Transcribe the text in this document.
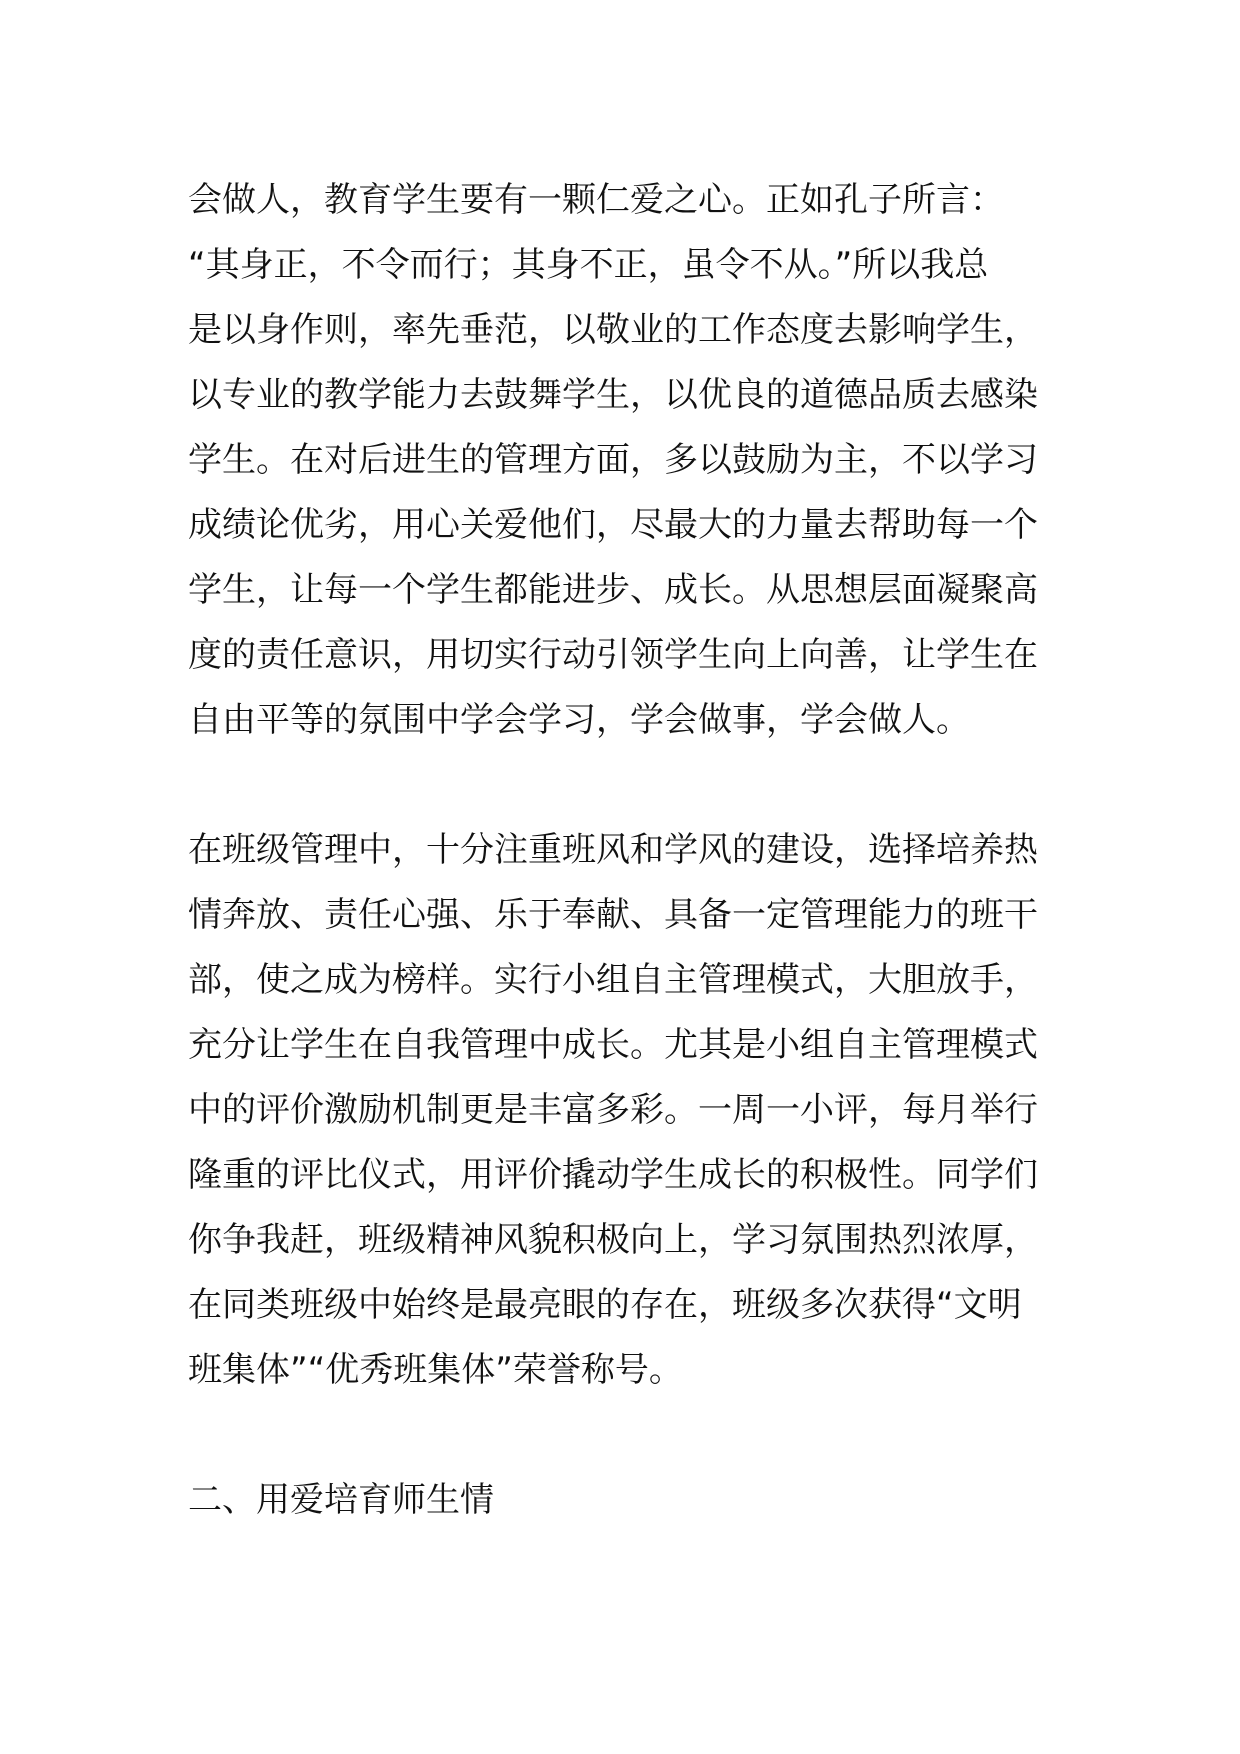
会做人，教育学生要有一颗仁爱之心。正如孔子所言：
“其身正，不令而行；其身不正，虽令不从。”所以我总
是以身作则，率先垂范，以敬业的工作态度去影响学生，
以专业的教学能力去鼓舞学生，以优良的道德品质去感染
学生。在对后进生的管理方面，多以鼓励为主，不以学习
成绩论优劣，用心关爱他们，尽最大的力量去帮助每一个
学生，让每一个学生都能进步、成长。从思想层面凝聚高
度的责任意识，用切实行动引领学生向上向善，让学生在
自由平等的氛围中学会学习，学会做事，学会做人。
在班级管理中，十分注重班风和学风的建设，选择培养热
情奔放、责任心强、乐于奉献、具备一定管理能力的班干
部，使之成为榜样。实行小组自主管理模式，大胆放手，
充分让学生在自我管理中成长。尤其是小组自主管理模式
中的评价激励机制更是丰富多彩。一周一小评，每月举行
隆重的评比仪式，用评价撬动学生成长的积极性。同学们
你争我赶，班级精神风貌积极向上，学习氛围热烈浓厚，
在同类班级中始终是最亮眼的存在，班级多次获得“文明
班集体”“优秀班集体”荣誉称号。
二、用爱培育师生情
